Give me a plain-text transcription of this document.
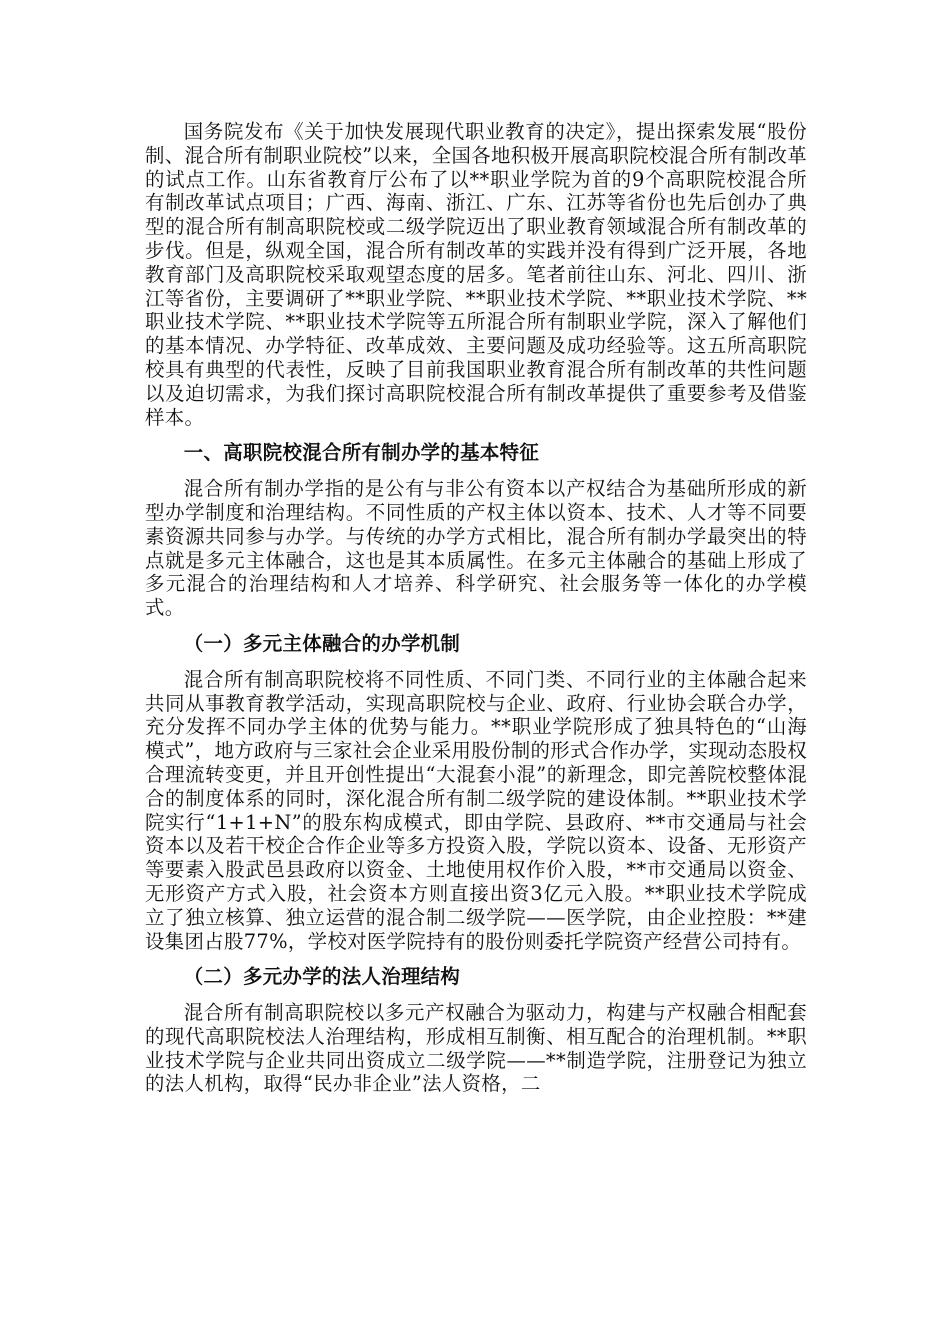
国务院发布《关于加快发展现代职业教育的决定》，提出探索发展“股份制、混合所有制职业院校”以来，全国各地积极开展高职院校混合所有制改革的试点工作。山东省教育厅公布了以**职业学院为首的9个高职院校混合所有制改革试点项目；广西、海南、浙江、广东、江苏等省份也先后创办了典型的混合所有制高职院校或二级学院迈出了职业教育领域混合所有制改革的步伐。但是，纵观全国，混合所有制改革的实践并没有得到广泛开展，各地教育部门及高职院校采取观望态度的居多。笔者前往山东、河北、四川、浙江等省份，主要调研了**职业学院、**职业技术学院、**职业技术学院、**职业技术学院、**职业技术学院等五所混合所有制职业学院，深入了解他们的基本情况、办学特征、改革成效、主要问题及成功经验等。这五所高职院校具有典型的代表性，反映了目前我国职业教育混合所有制改革的共性问题以及迫切需求，为我们探讨高职院校混合所有制改革提供了重要参考及借鉴样本。

一、高职院校混合所有制办学的基本特征

混合所有制办学指的是公有与非公有资本以产权结合为基础所形成的新型办学制度和治理结构。不同性质的产权主体以资本、技术、人才等不同要素资源共同参与办学。与传统的办学方式相比，混合所有制办学最突出的特点就是多元主体融合，这也是其本质属性。在多元主体融合的基础上形成了多元混合的治理结构和人才培养、科学研究、社会服务等一体化的办学模式。

（一）多元主体融合的办学机制

混合所有制高职院校将不同性质、不同门类、不同行业的主体融合起来共同从事教育教学活动，实现高职院校与企业、政府、行业协会联合办学，充分发挥不同办学主体的优势与能力。**职业学院形成了独具特色的“山海模式”，地方政府与三家社会企业采用股份制的形式合作办学，实现动态股权合理流转变更，并且开创性提出“大混套小混”的新理念，即完善院校整体混合的制度体系的同时，深化混合所有制二级学院的建设体制。**职业技术学院实行“1+1+N”的股东构成模式，即由学院、县政府、**市交通局与社会资本以及若干校企合作企业等多方投资入股，学院以资本、设备、无形资产等要素入股武邑县政府以资金、土地使用权作价入股，**市交通局以资金、无形资产方式入股，社会资本方则直接出资3亿元入股。**职业技术学院成立了独立核算、独立运营的混合制二级学院——医学院，由企业控股：**建设集团占股77%，学校对医学院持有的股份则委托学院资产经营公司持有。

（二）多元办学的法人治理结构

混合所有制高职院校以多元产权融合为驱动力，构建与产权融合相配套的现代高职院校法人治理结构，形成相互制衡、相互配合的治理机制。**职业技术学院与企业共同出资成立二级学院——**制造学院，注册登记为独立的法人机构，取得“民办非企业”法人资格，二
